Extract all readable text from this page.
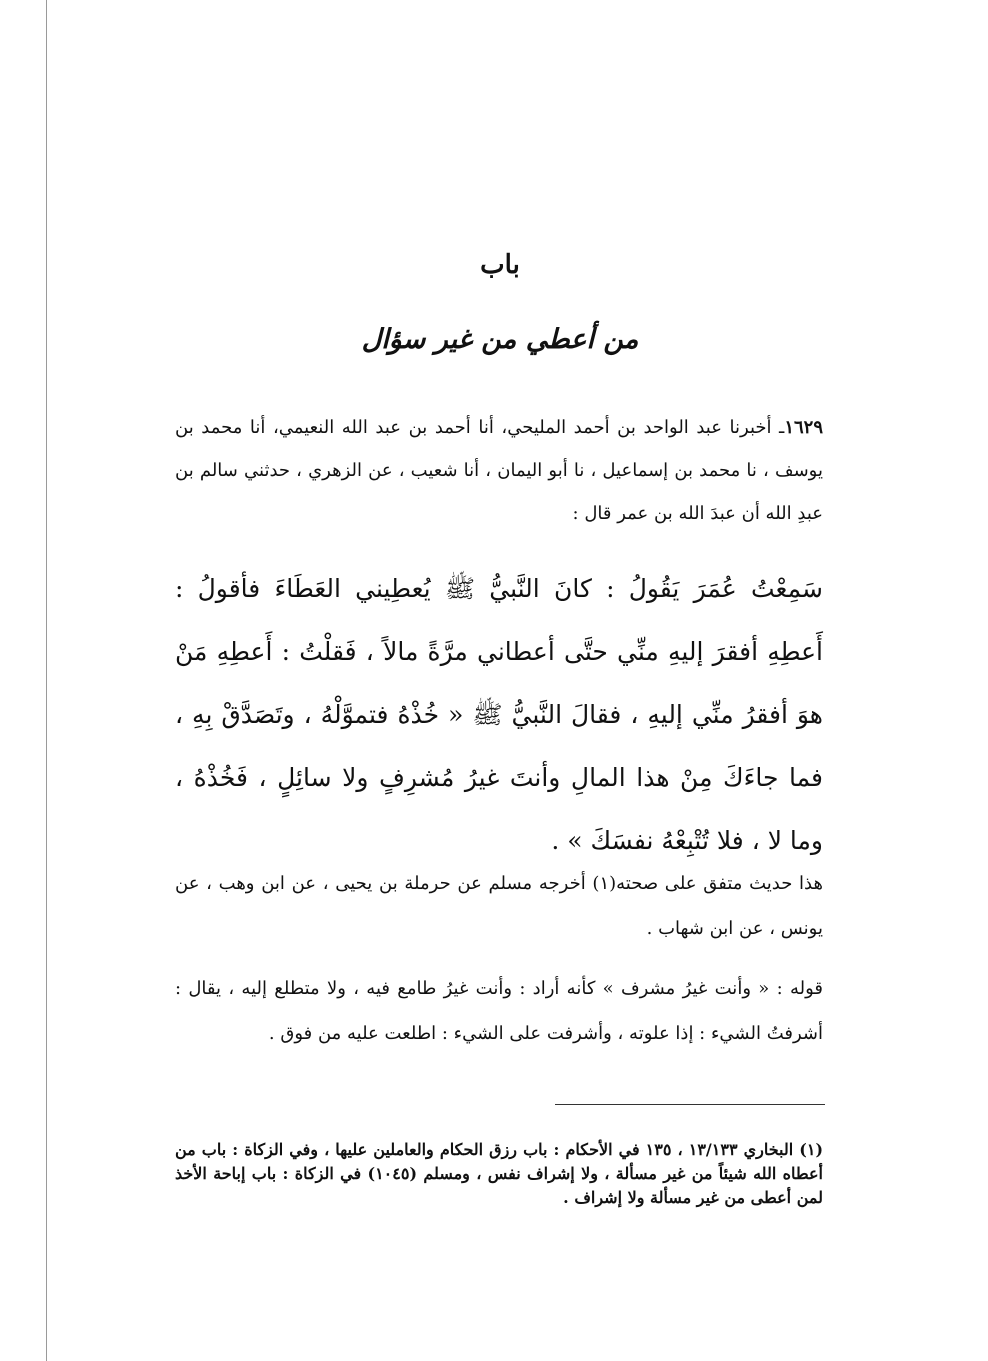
باب
من أعطي من غير سؤال

١٦٢٩ـ أخبرنا عبد الواحد بن أحمد المليحي، أنا أحمد بن عبد الله النعيمي، أنا محمد بن يوسف ، نا محمد بن إسماعيل ، نا أبو اليمان ، أنا شعيب ، عن الزهري ، حدثني سالم بن عبدِ الله أن عبدَ الله بن عمر قال :

سَمِعْتُ عُمَرَ يَقُولُ : كانَ النَّبيُّ ﷺ يُعطِيني العَطَاءَ فأقولُ : أَعطِهِ أفقرَ إليهِ منِّي حتَّى أعطاني مرَّةً مالاً ، فَقلْتُ : أَعطِهِ مَنْ هوَ أفقرُ منِّي إليهِ ، فقالَ النَّبيُّ ﷺ « خُذْهُ فتموَّلْهُ ، وتَصَدَّقْ بِهِ ، فما جاءَكَ مِنْ هذا المالِ وأنتَ غيرُ مُشرِفٍ ولا سائِلٍ ، فَخُذْهُ ، وما لا ، فلا تُتْبِعْهُ نفسَكَ » .

هذا حديث متفق على صحته(١) أخرجه مسلم عن حرملة بن يحيى ، عن ابن وهب ، عن يونس ، عن ابن شهاب .

قوله : « وأنت غيرُ مشرف » كأنه أراد : وأنت غيرُ طامع فيه ، ولا متطلع إليه ، يقال : أشرفتُ الشيء : إذا علوته ، وأشرفت على الشيء : اطلعت عليه من فوق .

(١) البخاري ١٣/١٣٣ ، ١٣٥ في الأحكام : باب رزق الحكام والعاملين عليها ، وفي الزكاة : باب من أعطاه الله شيئاً من غير مسألة ، ولا إشراف نفس ، ومسلم (١٠٤٥) في الزكاة : باب إباحة الأخذ لمن أعطى من غير مسألة ولا إشراف .
